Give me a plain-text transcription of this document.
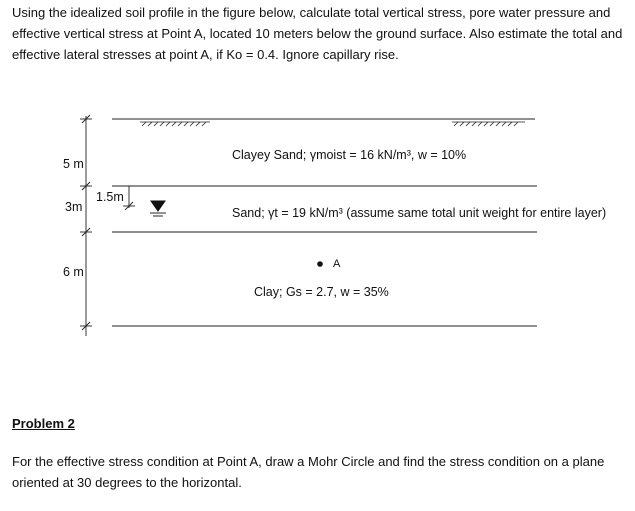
Using the idealized soil profile in the figure below, calculate total vertical stress, pore water pressure and effective vertical stress at Point A, located 10 meters below the ground surface. Also estimate the total and effective lateral stresses at point A, if Ko = 0.4. Ignore capillary rise.

5 m
3m
6 m
1.5m
Clayey Sand; γmoist = 16 kN/m³, w = 10%
Sand; γt = 19 kN/m³ (assume same total unit weight for entire layer)
A
Clay; Gs = 2.7, w = 35%

Problem 2

For the effective stress condition at Point A, draw a Mohr Circle and find the stress condition on a plane oriented at 30 degrees to the horizontal.
